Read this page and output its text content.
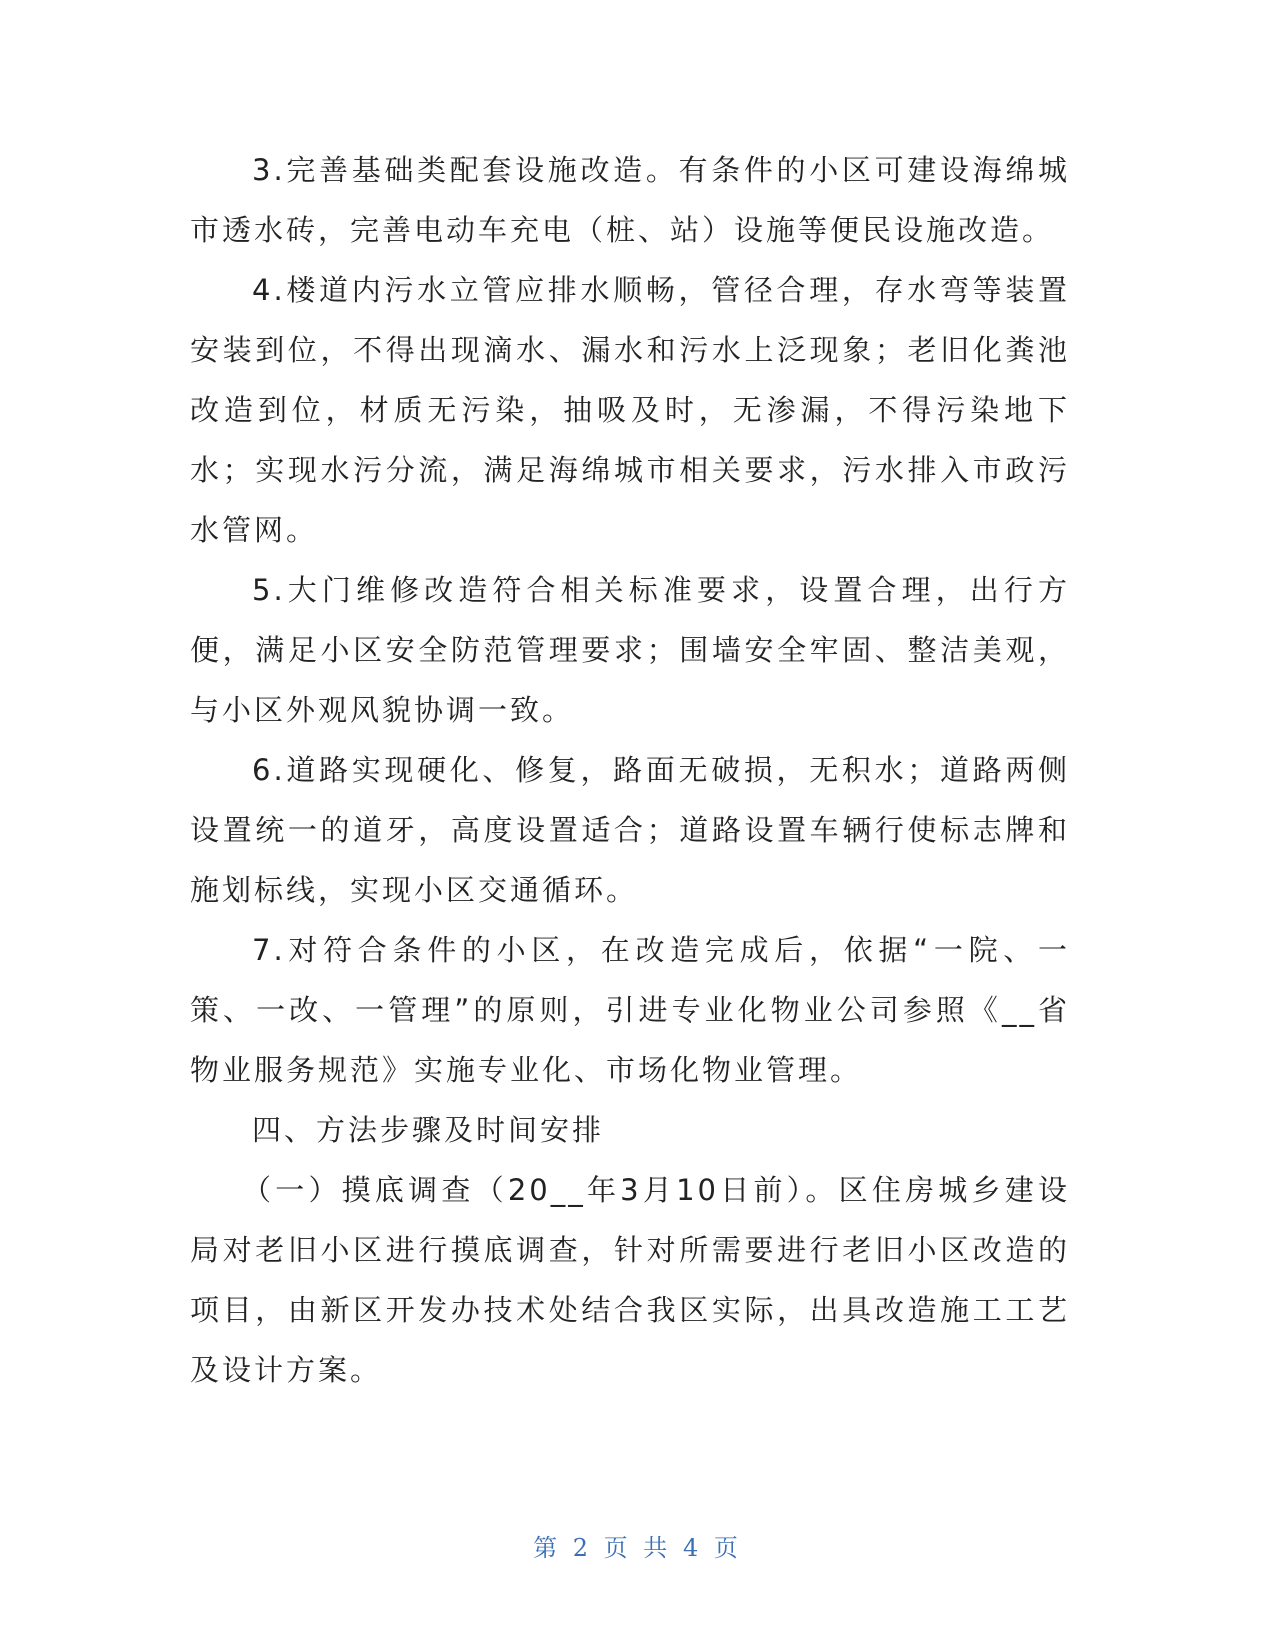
3.完善基础类配套设施改造。有条件的小区可建设海绵城市透水砖，完善电动车充电（桩、站）设施等便民设施改造。

4.楼道内污水立管应排水顺畅，管径合理，存水弯等装置安装到位，不得出现滴水、漏水和污水上泛现象；老旧化粪池改造到位，材质无污染，抽吸及时，无渗漏，不得污染地下水；实现水污分流，满足海绵城市相关要求，污水排入市政污水管网。

5.大门维修改造符合相关标准要求，设置合理，出行方便，满足小区安全防范管理要求；围墙安全牢固、整洁美观，与小区外观风貌协调一致。

6.道路实现硬化、修复，路面无破损，无积水；道路两侧设置统一的道牙，高度设置适合；道路设置车辆行使标志牌和施划标线，实现小区交通循环。

7.对符合条件的小区，在改造完成后，依据“一院、一策、一改、一管理”的原则，引进专业化物业公司参照《__省物业服务规范》实施专业化、市场化物业管理。

四、方法步骤及时间安排

（一）摸底调查（20__年3月10日前）。区住房城乡建设局对老旧小区进行摸底调查，针对所需要进行老旧小区改造的项目，由新区开发办技术处结合我区实际，出具改造施工工艺及设计方案。

第 2 页 共 4 页
